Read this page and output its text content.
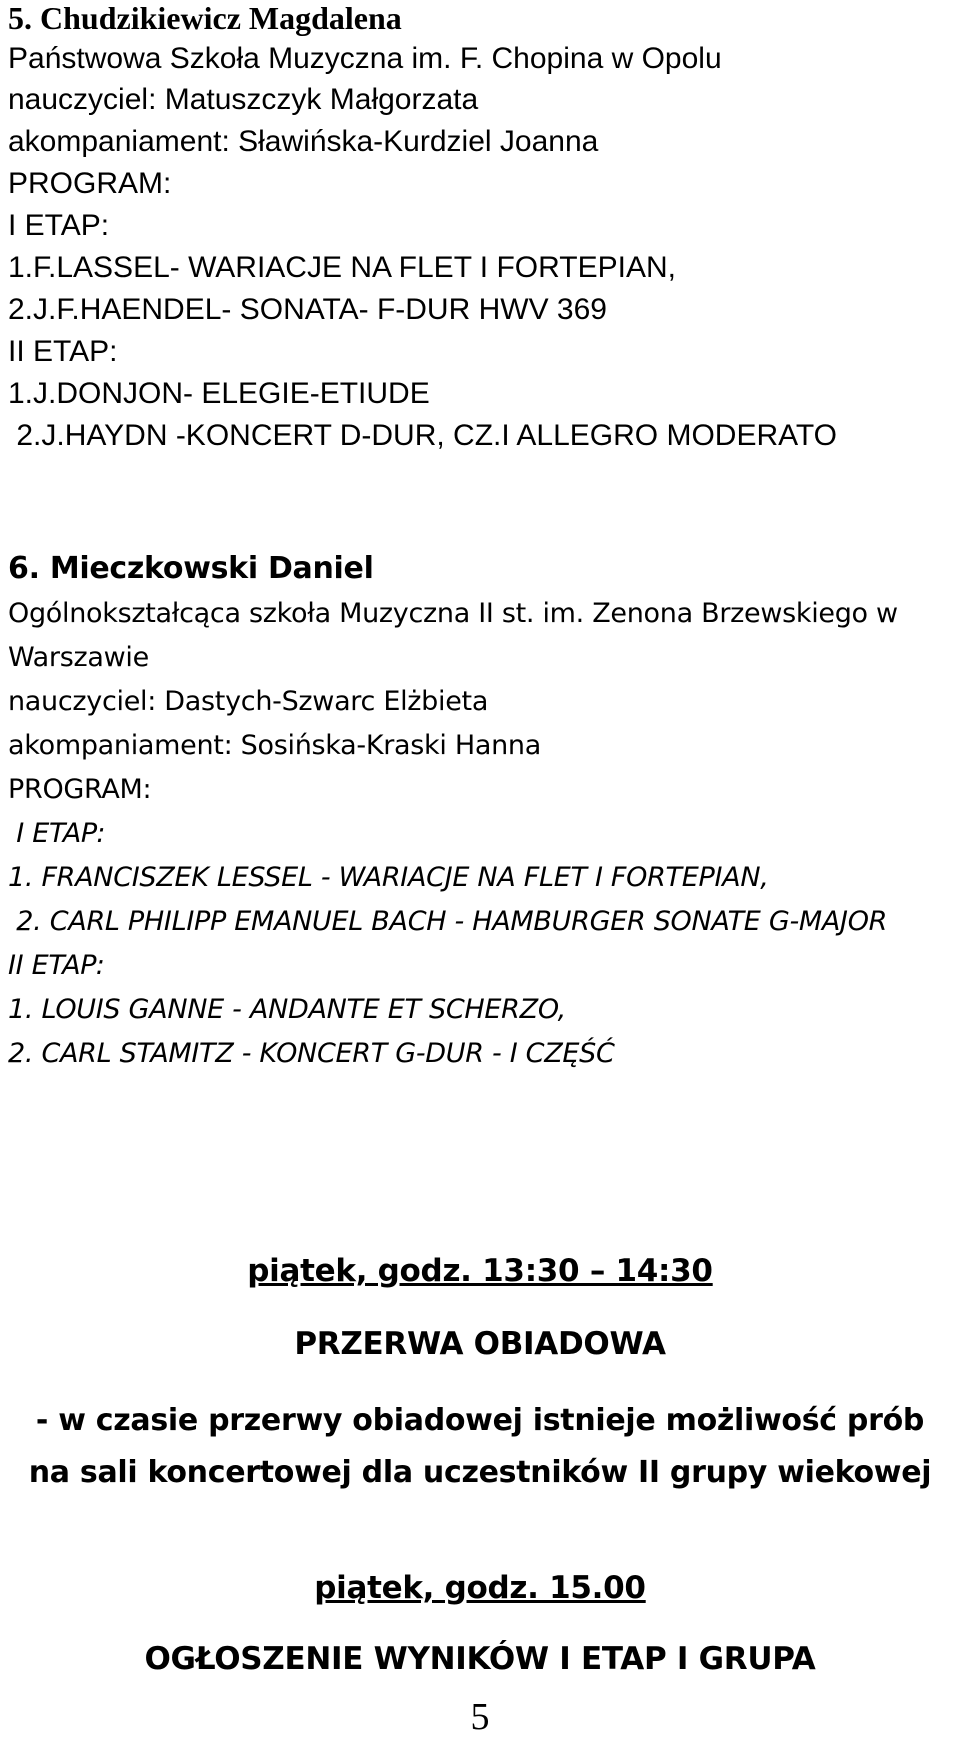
5. Chudzikiewicz Magdalena
Państwowa Szkoła Muzyczna im. F. Chopina w Opolu
nauczyciel: Matuszczyk Małgorzata
akompaniament: Sławińska-Kurdziel Joanna
PROGRAM:
I ETAP:
1.F.LASSEL- WARIACJE NA FLET I FORTEPIAN,
2.J.F.HAENDEL- SONATA- F-DUR HWV 369
II ETAP:
1.J.DONJON- ELEGIE-ETIUDE
2.J.HAYDN -KONCERT D-DUR, CZ.I ALLEGRO MODERATO
6. Mieczkowski Daniel
Ogólnokształcąca szkoła Muzyczna II st. im. Zenona Brzewskiego w
Warszawie
nauczyciel: Dastych-Szwarc Elżbieta
akompaniament: Sosińska-Kraski Hanna
PROGRAM:
I ETAP:
1. FRANCISZEK LESSEL - WARIACJE NA FLET I FORTEPIAN,
2. CARL PHILIPP EMANUEL BACH - HAMBURGER SONATE G-MAJOR
II ETAP:
1. LOUIS GANNE - ANDANTE ET SCHERZO,
2. CARL STAMITZ - KONCERT G-DUR - I CZĘŚĆ
piątek, godz. 13:30 – 14:30
PRZERWA OBIADOWA
- w czasie przerwy obiadowej istnieje możliwość prób
na sali koncertowej dla uczestników II grupy wiekowej
piątek, godz. 15.00
OGŁOSZENIE WYNIKÓW I ETAP I GRUPA
5
